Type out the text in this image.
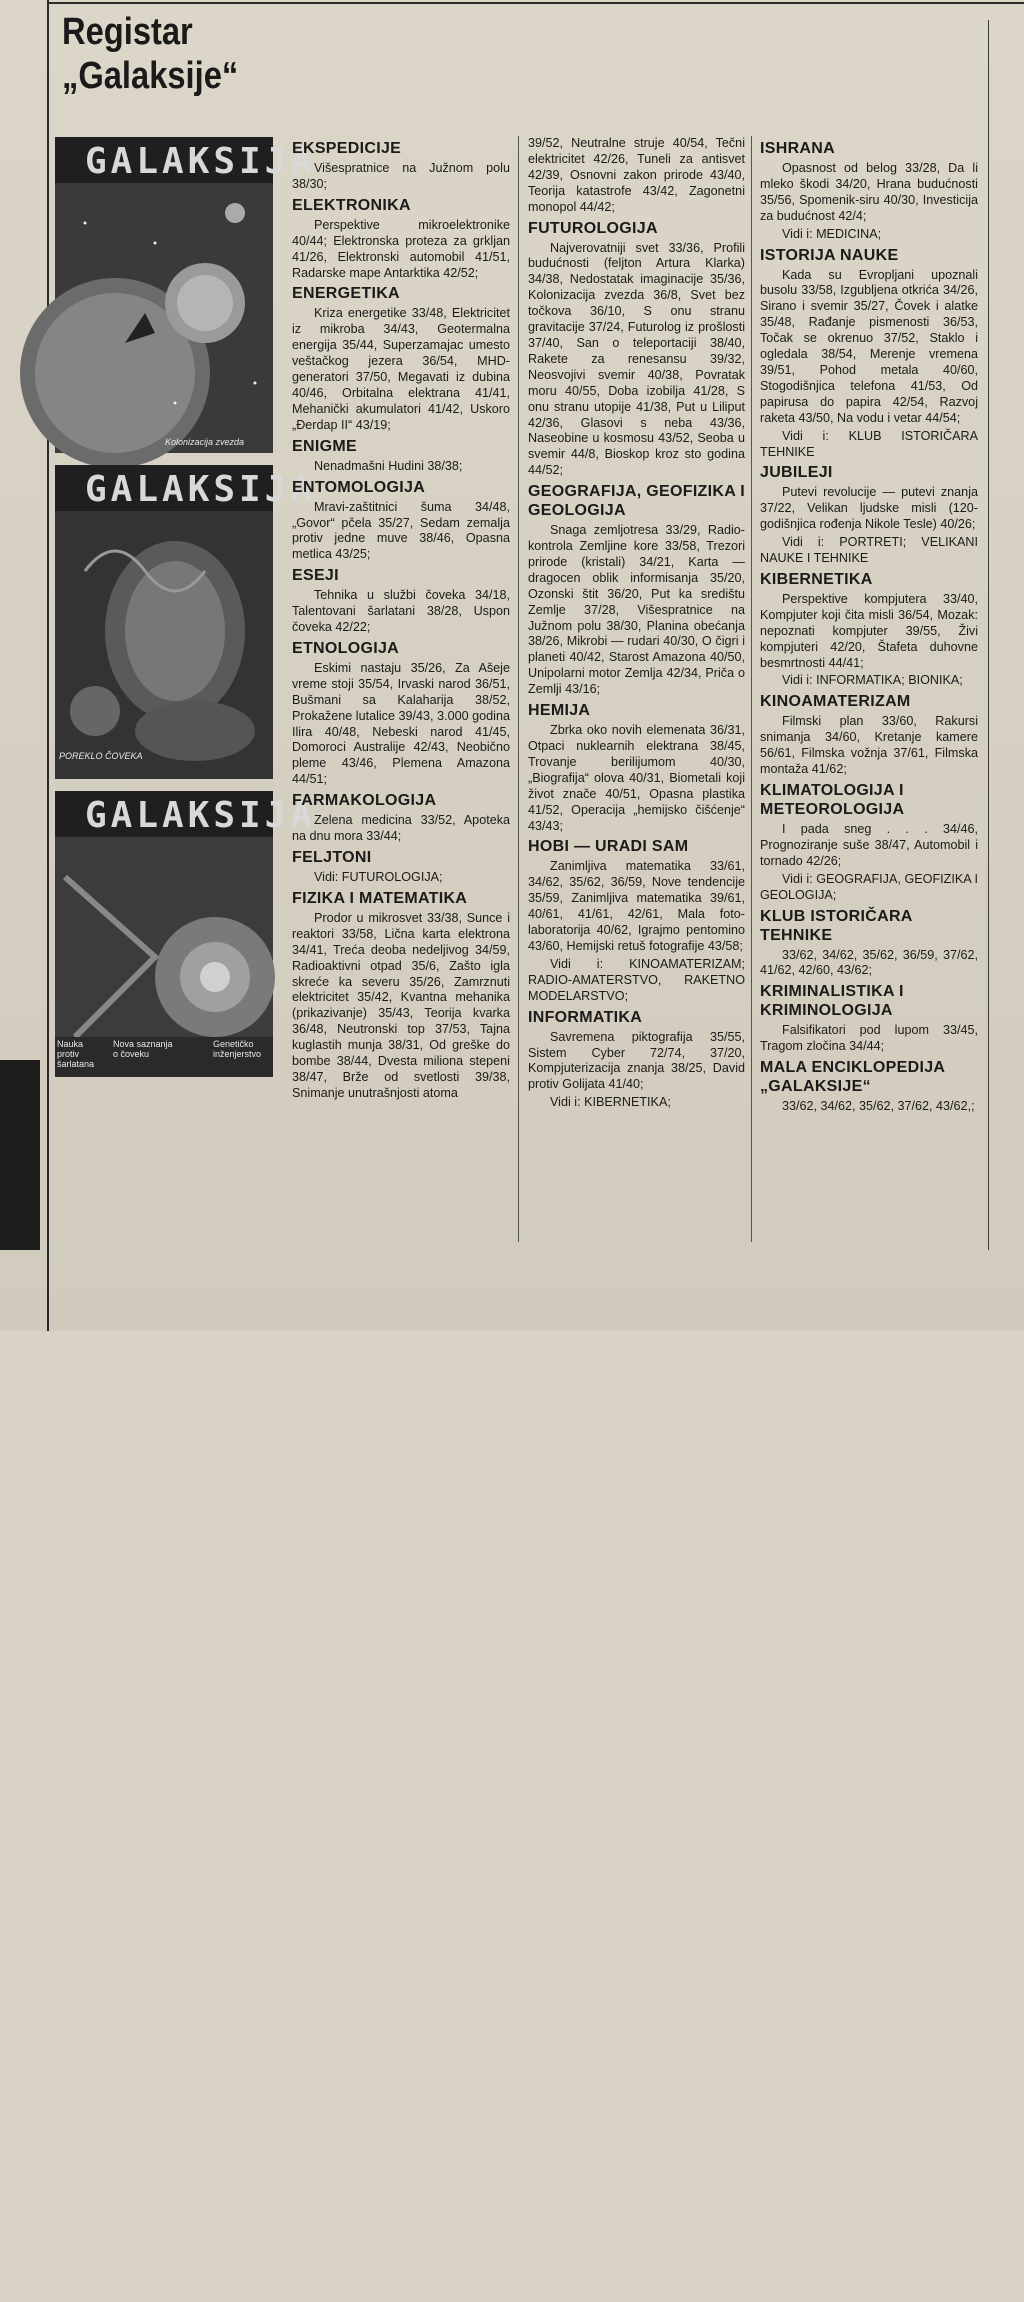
Registar
„Galaksije“
GALAKSIJA
Kolonizacija zvezda
GALAKSIJA
POREKLO ČOVEKA
GALAKSIJA
Nauka protiv šarlatana
Nova saznanja o čoveku
Genetičko inženjerstvo
60
EKSPEDICIJE
Višespratnice na Južnom polu 38/30;
ELEKTRONIKA
Perspektive mikroelektronike 40/44; Elektronska proteza za grkljan 41/26, Elektronski automobil 41/51, Radarske mape Antarktika 42/52;
ENERGETIKA
Kriza energetike 33/48, Elektricitet iz mikroba 34/43, Geotermalna energija 35/44, Superzamajac umesto veštačkog jezera 36/54, MHD-generatori 37/50, Megavati iz dubina 40/46, Orbitalna elektrana 41/41, Mehanički akumulatori 41/42, Uskoro „Đerdap II“ 43/19;
ENIGME
Nenadmašni Hudini 38/38;
ENTOMOLOGIJA
Mravi-zaštitnici šuma 34/48, „Govor“ pčela 35/27, Sedam zemalja protiv jedne muve 38/46, Opasna metlica 43/25;
ESEJI
Tehnika u službi čoveka 34/18, Talentovani šarlatani 38/28, Uspon čoveka 42/22;
ETNOLOGIJA
Eskimi nastaju 35/26, Za Ašeje vreme stoji 35/54, Irvaski narod 36/51, Bušmani sa Kalaharija 38/52, Prokažene lutalice 39/43, 3.000 godina Ilira 40/48, Nebeski narod 41/45, Domoroci Australije 42/43, Neobično pleme 43/46, Plemena Amazona 44/51;
FARMAKOLOGIJA
Zelena medicina 33/52, Apoteka na dnu mora 33/44;
FELJTONI
Vidi: FUTUROLOGIJA;
FIZIKA I MATEMATIKA
Prodor u mikrosvet 33/38, Sunce i reaktori 33/58, Lična karta elektrona 34/41, Treća deoba nedeljivog 34/59, Radioaktivni otpad 35/6, Zašto igla skreće ka severu 35/26, Zamrznuti elektricitet 35/42, Kvantna mehanika (prikazivanje) 35/43, Teorija kvarka 36/48, Neutronski top 37/53, Tajna kuglastih munja 38/31, Od greške do bombe 38/44, Dvesta miliona stepeni 38/47, Brže od svetlosti 39/38, Snimanje unutrašnjosti atoma
39/52, Neutralne struje 40/54, Tečni elektricitet 42/26, Tuneli za antisvet 42/39, Osnovni zakon prirode 43/40, Teorija katastrofe 43/42, Zagonetni monopol 44/42;
FUTUROLOGIJA
Najverovatniji svet 33/36, Profili budućnosti (feljton Artura Klarka) 34/38, Nedostatak imaginacije 35/36, Kolonizacija zvezda 36/8, Svet bez točkova 36/10, S onu stranu gravitacije 37/24, Futurolog iz prošlosti 37/40, San o teleportaciji 38/40, Rakete za renesansu 39/32, Neosvojivi svemir 40/38, Povratak moru 40/55, Doba izobilja 41/28, S onu stranu utopije 41/38, Put u Liliput 42/36, Glasovi s neba 43/36, Naseobine u kosmosu 43/52, Seoba u svemir 44/8, Bioskop kroz sto godina 44/52;
GEOGRAFIJA, GEOFIZIKA I GEOLOGIJA
Snaga zemljotresa 33/29, Radio-kontrola Zemljine kore 33/58, Trezori prirode (kristali) 34/21, Karta — dragocen oblik informisanja 35/20, Ozonski štit 36/20, Put ka središtu Zemlje 37/28, Višespratnice na Južnom polu 38/30, Planina obećanja 38/26, Mikrobi — rudari 40/30, O čigri i planeti 40/42, Starost Amazona 40/50, Unipolarni motor Zemlja 42/34, Priča o Zemlji 43/16;
HEMIJA
Zbrka oko novih elemenata 36/31, Otpaci nuklearnih elektrana 38/45, Trovanje berilijumom 40/30, „Biografija“ olova 40/31, Biometali koji život znače 40/51, Opasna plastika 41/52, Operacija „hemijsko čišćenje“ 43/43;
HOBI — URADI SAM
Zanimljiva matematika 33/61, 34/62, 35/62, 36/59, Nove tendencije 35/59, Zanimljiva matematika 39/61, 40/61, 41/61, 42/61, Mala foto-laboratorija 40/62, Igrajmo pentomino 43/60, Hemijski retuš fotografije 43/58;
Vidi i: KINOAMATERIZAM; RADIO-AMATERSTVO, RAKETNO MODELARSTVO;
INFORMATIKA
Savremena piktografija 35/55, Sistem Cyber 72/74, 37/20, Kompjuterizacija znanja 38/25, David protiv Golijata 41/40;
Vidi i: KIBERNETIKA;
ISHRANA
Opasnost od belog 33/28, Da li mleko škodi 34/20, Hrana budućnosti 35/56, Spomenik-siru 40/30, Investicija za budućnost 42/4;
Vidi i: MEDICINA;
ISTORIJA NAUKE
Kada su Evropljani upoznali busolu 33/58, Izgubljena otkrića 34/26, Sirano i svemir 35/27, Čovek i alatke 35/48, Rađanje pismenosti 36/53, Točak se okrenuo 37/52, Staklo i ogledala 38/54, Merenje vremena 39/51, Pohod metala 40/60, Stogodišnjica telefona 41/53, Od papirusa do papira 42/54, Razvoj raketa 43/50, Na vodu i vetar 44/54;
Vidi i: KLUB ISTORIČARA TEHNIKE
JUBILEJI
Putevi revolucije — putevi znanja 37/22, Velikan ljudske misli (120-godišnjica rođenja Nikole Tesle) 40/26;
Vidi i: PORTRETI; VELIKANI NAUKE I TEHNIKE
KIBERNETIKA
Perspektive kompjutera 33/40, Kompjuter koji čita misli 36/54, Mozak: nepoznati kompjuter 39/55, Živi kompjuteri 42/20, Štafeta duhovne besmrtnosti 44/41;
Vidi i: INFORMATIKA; BIONIKA;
KINOAMATERIZAM
Filmski plan 33/60, Rakursi snimanja 34/60, Kretanje kamere 56/61, Filmska vožnja 37/61, Filmska montaža 41/62;
KLIMATOLOGIJA I METEOROLOGIJA
I pada sneg . . . 34/46, Prognoziranje suše 38/47, Automobil i tornado 42/26;
Vidi i: GEOGRAFIJA, GEOFIZIKA I GEOLOGIJA;
KLUB ISTORIČARA TEHNIKE
33/62, 34/62, 35/62, 36/59, 37/62, 41/62, 42/60, 43/62;
KRIMINALISTIKA I KRIMINOLOGIJA
Falsifikatori pod lupom 33/45, Tragom zločina 34/44;
MALA ENCIKLOPEDIJA „GALAKSIJE“
33/62, 34/62, 35/62, 37/62, 43/62,;
